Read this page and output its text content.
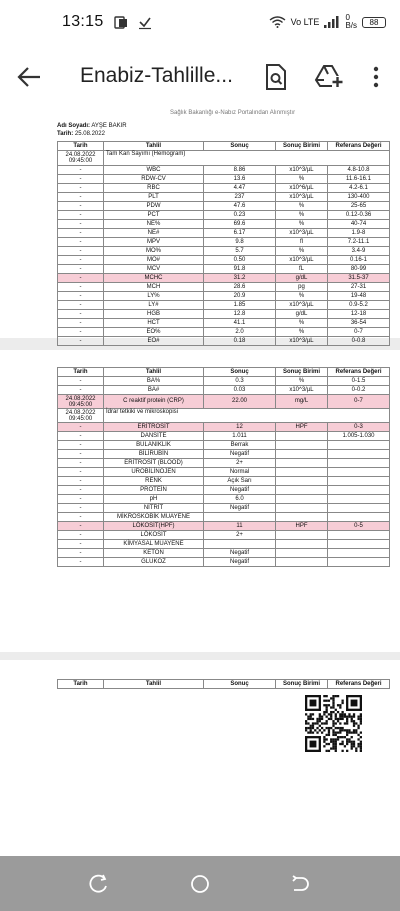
13:15	Vo LTE	0
B/s 88
Enabiz-Tahlille...
Sağlık Bakanlığı e-Nabız Portalından Alınmıştır
Adı Soyadı: AYŞE BAKIR
Tarih: 25.08.2022
Tarih	Tahlil	Sonuç	Sonuç Birimi	Referans Değeri

24.08.2022
09:45:00	Tam Kan Sayımı (Hemogram)			
-	WBC	8.86	x10^3/µL	4.8-10.8
-	RDW-CV	13.6	%	11.6-16.1
-	RBC	4.47	x10^6/µL	4.2-6.1
-	PLT	237	x10^3/µL	130-400
-	PDW	47.6	%	25-65
-	PCT	0.23	%	0.12-0.36
-	NE%	69.6	%	40-74
-	NE#	6.17	x10^3/µL	1.9-8
-	MPV	9.8	fl	7.2-11.1
-	MO%	5.7	%	3.4-9
-	MO#	0.50	x10^3/µL	0.16-1
-	MCV	91.8	fL	80-99
-	MCHC	31.2	g/dL	31.5-37
-	MCH	28.6	pg	27-31
-	LY%	20.9	%	19-48
-	LY#	1.85	x10^3/µL	0.9-5.2
-	HGB	12.8	g/dL	12-18
-	HCT	41.1	%	36-54
-	EO%	2.0	%	0-7
-	EO#	0.18	x10^3/µL	0-0.8
Tarih	Tahlil	Sonuç	Sonuç Birimi	Referans Değeri
-	BA%	0.3	%	0-1.5
-	BA#	0.03	x10^3/µL	0-0.2

24.08.2022
09:45:00	C reaktif protein (CRP)	22.00	mg/L	0-7

24.08.2022
09:45:00	İdrar tetkiki ve mikroskopisi			
-	ERİTROSİT	12	HPF	0-3
-	DANSİTE	1.011		1.005-1.030
-	BULANIKLIK	Berrak		
-	BİLİRUBİN	Negatif		
-	ERİTROSİT (BLOOD)	2+		
-	UROBİLİNOJEN	Normal		
-	RENK	Açık Sarı		
-	PROTEİN	Negatif		
-	pH	6.0		
-	NİTRİT	Negatif		
-	MİKROSKOBİK MUAYENE			
-	LÖKOSİT(HPF)	11	HPF	0-5
-	LÖKOSİT	2+		
-	KİMYASAL MUAYENE			
-	KETON	Negatif		
-	GLUKOZ	Negatif		
Tarih	Tahlil	Sonuç	Sonuç Birimi	Referans Değeri
